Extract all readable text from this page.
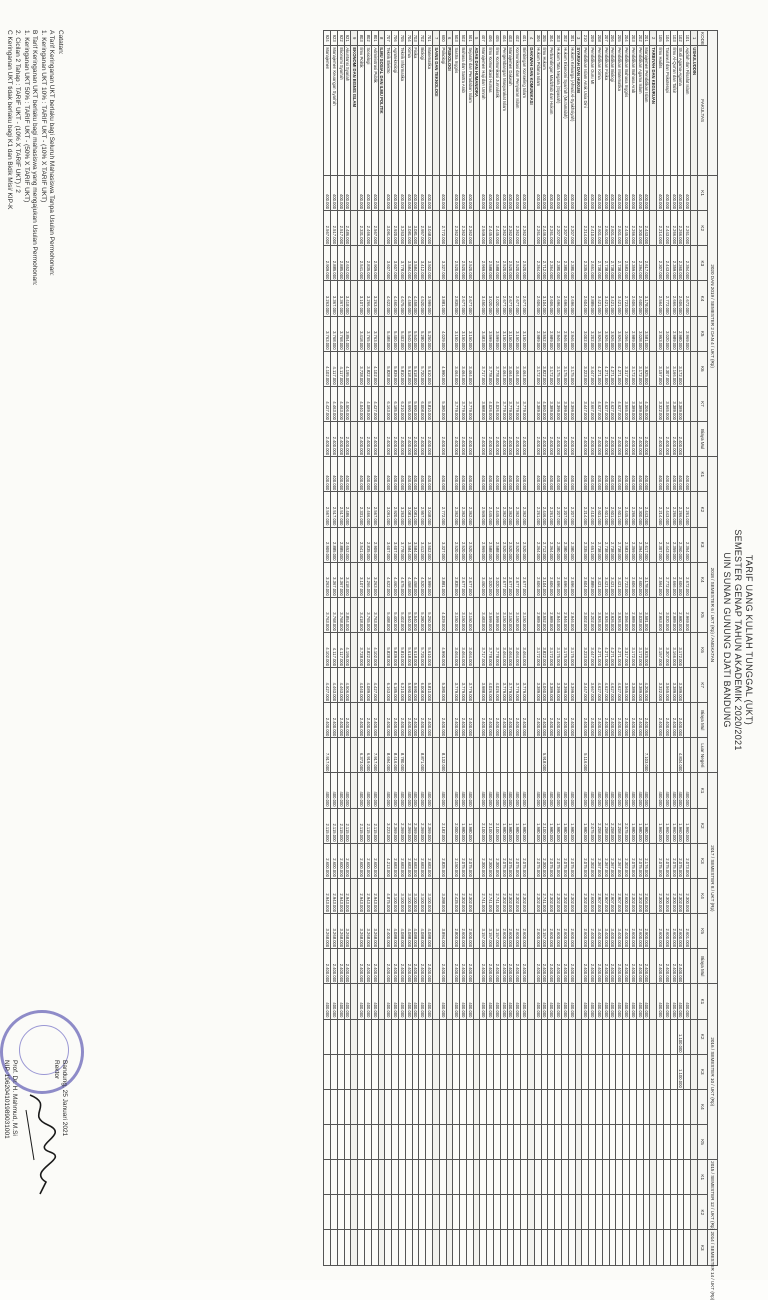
TARIF UANG KULIAH TUNGGAL (UKT)
SEMESTER GENAP TAHUN AKADEMIK 2020/2021
UIN SUNAN GUNUNG DJATI BANDUNG
		2020 DAN 2019 / SEMESTER 2 DAN 4 / UKT (Rp)								2018 / SEMESTER 6 / UKT (Rp) / ANGKATAN									2017 / SEMESTER 8 / UKT (Rp)						2016 / SEMESTER 10 / UKT (Rp)					2015 / SEMESTER 12 / UKT (Rp)		2014 / SEMESTER 14 / UKT (Rp)
KODE	FAKULTAS	K1	K2	K3	K4	K5	K6	K7	Biaya Mul	K1	K2	K3	K4	K5	K6	K7	Biaya Mul	Luar Negeri	K1	K2	K3	K4	K5	Biaya Mul	K1	K2	K3	K4	K5	K1	K2	K3
1	USHULUDDIN																															
101	Aqidah dan Filsafat Islam	400.000	2.261.000	2.354.000	2.672.000	2.969.000				400.000	2.261.000	2.354.000	2.672.000	2.969.000					400.000	1.960.000	2.073.000	2.300.000	2.601.000		400.000							
102	Studi Agama-Agama	400.000	2.266.000	2.360.000	2.606.000	2.980.000	3.172.000	3.389.000	2.400.000	400.000	2.266.000	2.360.000	2.606.000	2.980.000	3.172.000	3.389.000	2.400.000	4.834.000	400.000	1.960.000	2.075.000	2.302.000	2.600.000	2.400.000	400.000	1.100.000	1.100.000					
103	Ilmu Al-Qur'an dan Tafsir	400.000	2.266.000	2.359.000	2.666.000	2.989.000	3.166.000	3.389.000	2.400.000	400.000	2.266.000	2.359.000	2.666.000	2.989.000	3.166.000	3.389.000	2.400.000		400.000	1.960.000	2.075.000	2.300.000	2.600.000	2.400.000	400.000							
104	Tasawuf dan Psikoterapi	400.000	2.443.000	2.443.000	2.772.000	3.020.000	3.307.000	3.565.000	2.400.000	400.000	2.443.000	2.443.000	2.772.000	3.020.000	3.307.000	3.565.000	2.400.000		400.000	1.960.000	2.075.000	2.300.000	2.600.000	2.400.000	400.000							
105	Ilmu Hadits	400.000	2.214.000	2.307.000	2.564.000	2.953.000	3.157.000	3.322.000	2.400.000	400.000	2.214.000	2.307.000	2.564.000	2.953.000	3.157.000	3.322.000	2.400.000		400.000	1.960.000	2.075.000	2.300.000	2.600.000	2.400.000	400.000							
2	TARBIYAH DAN KEGURUAN																															
201	Manajemen Pendidikan Islam	400.000	2.443.000	2.617.000	3.178.000	3.581.000	3.925.000	4.205.000	2.400.000	400.000	2.443.000	2.617.000	3.178.000	3.581.000	3.925.000	4.205.000	2.400.000	7.103.000	400.000	1.980.000	2.176.000	2.604.000	2.900.000	2.400.000	400.000							
202	Pendidikan Agama Islam	400.000	2.300.000	2.394.000	2.600.000	3.028.000	3.172.000	3.389.000	2.400.000	400.000	2.300.000	2.394.000	2.600.000	3.028.000	3.172.000	3.389.000	2.400.000		400.000	1.980.000	2.075.000	2.302.000	2.600.000	2.400.000	400.000							
203	Pendidikan Bahasa Arab	400.000	2.266.000	2.359.000	2.606.000	2.989.000	3.172.000	3.389.000	2.400.000	400.000	2.266.000	2.359.000	2.606.000	2.989.000	3.172.000	3.389.000	2.400.000		400.000	1.980.000	2.075.000	2.302.000	2.600.000	2.400.000	400.000							
204	Pendidikan Bahasa Inggris	400.000	2.445.000	2.583.000	2.723.000	3.056.000	3.317.000	3.565.000	2.400.000	400.000	2.445.000	2.583.000	2.723.000	3.056.000	3.317.000	3.565.000	2.400.000		400.000	2.075.000	2.302.000	2.600.000	2.400.000	2.400.000	400.000							
205	Pendidikan Matematika	400.000	2.601.000	2.738.000	3.421.000	3.926.000	4.271.000	4.627.000	2.400.000	400.000	2.601.000	2.738.000	3.421.000	3.926.000	4.271.000	4.627.000	2.400.000		400.000	2.208.000	2.367.000	2.907.000	3.400.000	2.400.000	400.000							
206	Pendidikan Biologi	400.000	2.601.000	2.738.000	3.421.000	3.926.000	4.271.000	4.627.000	2.400.000	400.000	2.601.000	2.738.000	3.421.000	3.926.000	4.271.000	4.627.000	2.400.000		400.000	2.208.000	2.367.000	2.907.000	3.400.000	2.400.000	400.000							
207	Pendidikan Fisika	400.000	2.601.000	2.738.000	3.421.000	3.926.000	4.271.000	4.627.000	2.400.000	400.000	2.601.000	2.738.000	3.421.000	3.926.000	4.271.000	4.627.000	2.400.000		400.000	2.208.000	2.367.000	2.907.000	3.400.000	2.400.000	400.000							
208	Pendidikan Kimia	400.000	2.601.000	2.738.000	3.421.000	3.926.000	4.271.000	4.627.000	2.400.000	400.000	2.601.000	2.738.000	3.421.000	3.926.000	4.271.000	4.627.000	2.400.000		400.000	2.208.000	2.367.000	2.907.000	3.400.000	2.400.000	400.000							
209	Pendidikan Guru MI	400.000	2.410.000	2.651.000	2.889.000	3.202.000	3.447.000	3.667.000	2.400.000	400.000	2.410.000	2.651.000	2.889.000	3.202.000	3.447.000	3.667.000	2.400.000		400.000	2.075.000	2.302.000	2.600.000	2.400.000	2.400.000	400.000							
210	Pendidikan Islam Anak Usia Dini	400.000	2.214.000	2.335.000	2.604.000	3.002.000	3.223.000	3.447.000	2.400.000	400.000	2.214.000	2.335.000	2.604.000	3.002.000	3.223.000	3.447.000	2.400.000	5.116.000	400.000	1.980.000	2.075.000	2.302.000	2.600.000	2.400.000	400.000							
3	SYARIAH DAN HUKUM																															
301	Hukum Keluarga (Ahwal Al-Syakhsiyah)	400.000	2.207.000	2.380.000	2.696.000	2.946.000	3.175.000	3.399.000	2.400.000	400.000	2.207.000	2.380.000	2.696.000	2.946.000	3.175.000	3.399.000	2.400.000		400.000	1.980.000	2.075.000	2.302.000	2.600.000	2.400.000	400.000							
302	Hukum Ekonomi Syari'ah (Mu'amalah)	400.000	2.207.000	2.380.000	2.696.000	2.946.000	3.175.000	3.399.000	2.400.000	400.000	2.207.000	2.380.000	2.696.000	2.946.000	3.175.000	3.399.000	2.400.000		400.000	1.980.000	2.075.000	2.302.000	2.600.000	2.400.000	400.000							
303	Hukum Tata Negara (Siyasah)	400.000	2.207.000	2.380.000	2.696.000	2.946.000	3.175.000	3.399.000	2.400.000	400.000	2.207.000	2.380.000	2.696.000	2.946.000	3.175.000	3.399.000	2.400.000		400.000	1.980.000	2.075.000	2.302.000	2.600.000	2.400.000	400.000							
304	Perbandingan Madzhab dan Hukum	400.000	2.261.000	2.364.000	2.606.000	2.989.000	3.172.000	3.389.000	2.400.000	400.000	2.261.000	2.364.000	2.606.000	2.989.000	3.172.000	3.389.000	2.400.000		400.000	1.980.000	2.075.000	2.302.000	2.600.000	2.400.000	400.000							
305	Ilmu Hukum	400.000	2.446.000	2.712.000	3.104.000	3.552.000	3.822.000	4.060.000	2.400.000	400.000	2.446.000	2.712.000	3.104.000	3.552.000	3.822.000	4.060.000	2.400.000	5.918.000	400.000	2.100.000	2.300.000	2.741.000	3.157.000	2.400.000	400.000							
306	Hukum Pidana Islam	400.000	2.261.000	2.364.000	2.606.000	2.989.000	3.172.000	3.389.000	2.400.000	400.000	2.261.000	2.364.000	2.606.000	2.989.000	3.172.000	3.389.000	2.400.000		400.000	1.980.000	2.075.000	2.302.000	2.600.000	2.400.000	400.000							
4	DAKWAH DAN KOMUNIKASI																															
401	Bimbingan Konseling Islam	400.000	2.362.000	2.520.000	2.677.000	3.150.000	3.464.000	3.779.000	2.400.000	400.000	2.362.000	2.520.000	2.677.000	3.150.000	3.464.000	3.779.000	2.400.000		400.000	1.980.000	2.075.000	2.302.000	2.600.000	2.400.000	400.000							
402	Komunikasi dan Penyiaran Islam	400.000	2.362.000	2.520.000	2.677.000	3.150.000	3.464.000	3.779.000	2.400.000	400.000	2.362.000	2.520.000	2.677.000	3.150.000	3.464.000	3.779.000	2.400.000		400.000	1.980.000	2.075.000	2.302.000	2.600.000	2.400.000	400.000							
403	Manajemen Dakwah	400.000	2.362.000	2.520.000	2.677.000	3.150.000	3.464.000	3.779.000	2.400.000	400.000	2.362.000	2.520.000	2.677.000	3.150.000	3.464.000	3.779.000	2.400.000		400.000	1.980.000	2.075.000	2.302.000	2.600.000	2.400.000	400.000							
404	Pengembangan Masyarakat Islam	400.000	2.362.000	2.520.000	2.677.000	3.150.000	3.464.000	3.779.000	2.400.000	400.000	2.362.000	2.520.000	2.677.000	3.150.000	3.464.000	3.779.000	2.400.000		400.000	1.980.000	2.075.000	2.302.000	2.600.000	2.400.000	400.000							
405	Ilmu Komunikasi Jurnalistik	400.000	2.445.000	2.588.000	3.020.000	3.599.000	3.778.000	4.026.000	2.400.000	400.000	2.445.000	2.588.000	3.020.000	3.599.000	3.778.000	4.026.000	2.400.000		400.000	2.100.000	2.300.000	2.741.000	3.157.000	2.400.000	400.000							
406	Ilmu Komunikasi Humas	400.000	2.445.000	2.588.000	3.020.000	3.599.000	3.778.000	4.026.000	2.400.000	400.000	2.445.000	2.588.000	3.020.000	3.599.000	3.778.000	4.026.000	2.400.000		400.000	2.100.000	2.300.000	2.741.000	3.157.000	2.400.000	400.000							
407	Manajemen Haji dan Umrah	400.000	2.949.000	2.969.000	3.450.000	3.483.000	3.717.000	3.988.000	2.400.000	400.000	2.949.000	2.969.000	3.450.000	3.483.000	3.717.000	3.988.000	2.400.000		400.000	2.100.000	2.300.000	2.741.000	3.157.000	2.400.000	400.000							
5	ADAB DAN HUMANIORA																															
501	Sejarah dan Peradaban Islam	400.000	2.362.000	2.520.000	2.677.000	3.150.000	3.464.000	3.779.000	2.400.000	400.000	2.362.000	2.520.000	2.677.000	3.150.000	3.464.000	3.779.000	2.400.000		400.000	1.980.000	2.075.000	2.302.000	2.600.000	2.400.000	400.000							
502	Bahasa dan Sastra Arab	400.000	2.362.000	2.520.000	2.677.000	3.150.000	3.464.000	3.779.000	2.400.000	400.000	2.362.000	2.520.000	2.677.000	3.150.000	3.464.000	3.779.000	2.400.000		400.000	1.980.000	2.075.000	2.302.000	2.600.000	2.400.000	400.000							
503	Sastra Inggris	400.000	2.362.000	2.520.000	2.835.000	3.150.000	3.464.000	3.779.000	2.400.000	400.000	2.362.000	2.520.000	2.835.000	3.150.000	3.464.000	3.779.000	2.400.000		400.000	2.000.000	2.150.000	2.425.000	2.800.000	2.400.000	400.000							
6	PSIKOLOGI																															
600	Psikologi	400.000	2.772.000	3.327.000	3.881.000	4.029.000	4.990.000	5.380.000	2.400.000	400.000	2.772.000	3.327.000	3.881.000	4.029.000	4.990.000	5.380.000	2.400.000	8.132.000	400.000	2.182.000	2.825.000	3.288.000	3.894.000	2.400.000	400.000							
7	SAINS DAN TEKNOLOGI																															
701	Matematika	400.000	3.048.000	3.502.000	3.999.000	5.250.000	5.610.000	5.810.000	2.400.000	400.000	3.048.000	3.502.000	3.999.000	5.250.000	5.610.000	5.810.000	2.400.000		400.000	2.369.000	2.683.000	3.100.000	4.088.000	2.400.000	400.000							
702	Biologi	400.000	2.957.000	3.412.000	4.520.000	5.280.000	5.720.000	6.008.000	2.400.000	400.000	2.957.000	3.412.000	4.520.000	5.280.000	5.720.000	6.008.000	2.400.000	8.871.000	400.000	2.369.000	2.683.000	3.100.000	4.088.000	2.400.000	400.000							
703	Fisika	400.000	3.081.000	3.584.000	4.458.000	5.540.000	5.618.000	5.690.000	2.400.000	400.000	3.081.000	3.584.000	4.458.000	5.540.000	5.618.000	5.690.000	2.400.000		400.000	2.369.000	2.683.000	3.100.000	4.088.000	2.400.000	400.000							
704	Kimia	400.000	3.081.000	3.584.000	4.458.000	5.540.000	5.618.000	5.690.000	2.400.000	400.000	3.081.000	3.584.000	4.458.000	5.540.000	5.618.000	5.690.000	2.400.000		400.000	2.369.000	2.683.000	3.100.000	4.088.000	2.400.000	400.000							
705	Teknik Informatika	400.000	3.263.000	3.778.000	4.675.000	5.402.000	5.810.000	6.210.000	2.400.000	400.000	3.263.000	3.778.000	4.675.000	5.402.000	5.810.000	6.210.000	2.400.000	8.780.000	400.000	2.369.000	2.683.000	3.100.000	4.088.000	2.400.000	400.000							
706	Agroteknologi	400.000	2.920.000	3.607.000	4.460.000	5.400.000	5.839.000	6.185.000	2.400.000	400.000	2.920.000	3.607.000	4.460.000	5.400.000	5.839.000	6.185.000	2.400.000	8.416.000	400.000	2.369.000	2.683.000	3.100.000	4.088.000	2.400.000	400.000							
707	Teknik Elektro	400.000	3.091.000	3.607.000	4.622.000	5.488.000	5.828.000	6.163.000	2.400.000	400.000	3.091.000	3.607.000	4.622.000	5.488.000	5.828.000	6.163.000	2.400.000	8.694.000	400.000	3.223.000	4.213.000	4.875.000	2.400.000	2.400.000	400.000							
8	ILMU SOSIAL DAN ILMU POLITIK																															
801	Administrasi Publik	400.000	2.567.000	2.909.000	3.263.000	3.763.000	4.102.000	4.427.000	2.400.000	400.000	2.567.000	2.909.000	3.263.000	3.763.000	4.102.000	4.427.000	2.400.000	7.917.000	400.000	2.115.000	2.600.000	2.943.000	3.268.000	2.400.000	400.000							
802	Sosiologi	400.000	2.466.000	2.835.000	3.266.000	3.765.000	3.822.000	4.089.000	2.400.000	400.000	2.466.000	2.835.000	3.266.000	3.765.000	3.822.000	4.089.000	2.400.000	6.919.000	400.000	2.115.000	2.600.000	2.943.000	3.268.000	2.400.000	400.000							
803	Ilmu Politik	400.000	2.331.000	2.541.000	3.107.000	3.418.000	3.728.000	4.040.000	2.400.000	400.000	2.331.000	2.541.000	3.107.000	3.418.000	3.728.000	4.040.000	2.400.000	6.373.000	400.000	2.115.000	2.600.000	2.943.000	3.268.000	2.400.000	400.000							
9	EKONOMI DAN BISNIS ISLAM																															
921	Akuntansi Syariah	400.000	2.486.000	2.652.000	3.418.000	3.854.000	4.195.000	4.506.000	2.400.000	400.000	2.486.000	2.652.000	3.418.000	3.854.000	4.195.000	4.506.000	2.400.000		400.000	2.115.000	2.600.000	2.943.000	3.268.000	2.400.000	400.000							
922	Ekonomi Syari'ah	400.000	2.517.000	2.885.000	3.367.000	3.768.000	4.117.000	4.463.000	2.400.000	400.000	2.517.000	2.885.000	3.367.000	3.768.000	4.117.000	4.463.000	2.400.000		400.000	2.115.000	2.600.000	2.943.000	3.268.000	2.400.000	400.000							
923	Manajemen Keuangan Syari'ah	400.000	2.517.000	2.885.000	3.367.000	3.768.000	4.117.000	4.463.000	2.400.000	400.000	2.517.000	2.885.000	3.367.000	3.768.000	4.117.000	4.463.000	2.400.000		400.000	2.115.000	2.600.000	2.943.000	3.268.000	2.400.000	400.000							
924	Manajemen	400.000	2.567.000	2.909.000	3.263.000	3.763.000	4.102.000	4.427.000	2.400.000	400.000	2.567.000	2.909.000	3.263.000	3.763.000	4.102.000	4.427.000	2.400.000	7.917.000	400.000	2.115.000	2.600.000	2.943.000	3.268.000	2.400.000	400.000							
Catatan:
A Tarif Keringanan UKT berlaku bagi Seluruh Mahasiswa Tanpa Usulan Permohonan:
1. Keringanan UKT 10% : TARIF UKT - (10% X TARIF UKT)
B Tarif Keringanan UKT berlaku bagi mahasiswa yang mengajukan Usulan Permohonan:
1. Keringanan UKT 50% : TARIF UKT - (50% X TARIF UKT)
2. Cicilan 2 Tahap : TARIF UKT - (10% X TARIF UKT) / 2
C Keringanan UKT tidak berlaku bagi K1 dan Bidik Misi/ KIP-K
Bandung, 25 Januari 2021
Rektor
Prof. Dr. H. Mahmud, M.Si
NIP. 196204101989031001
